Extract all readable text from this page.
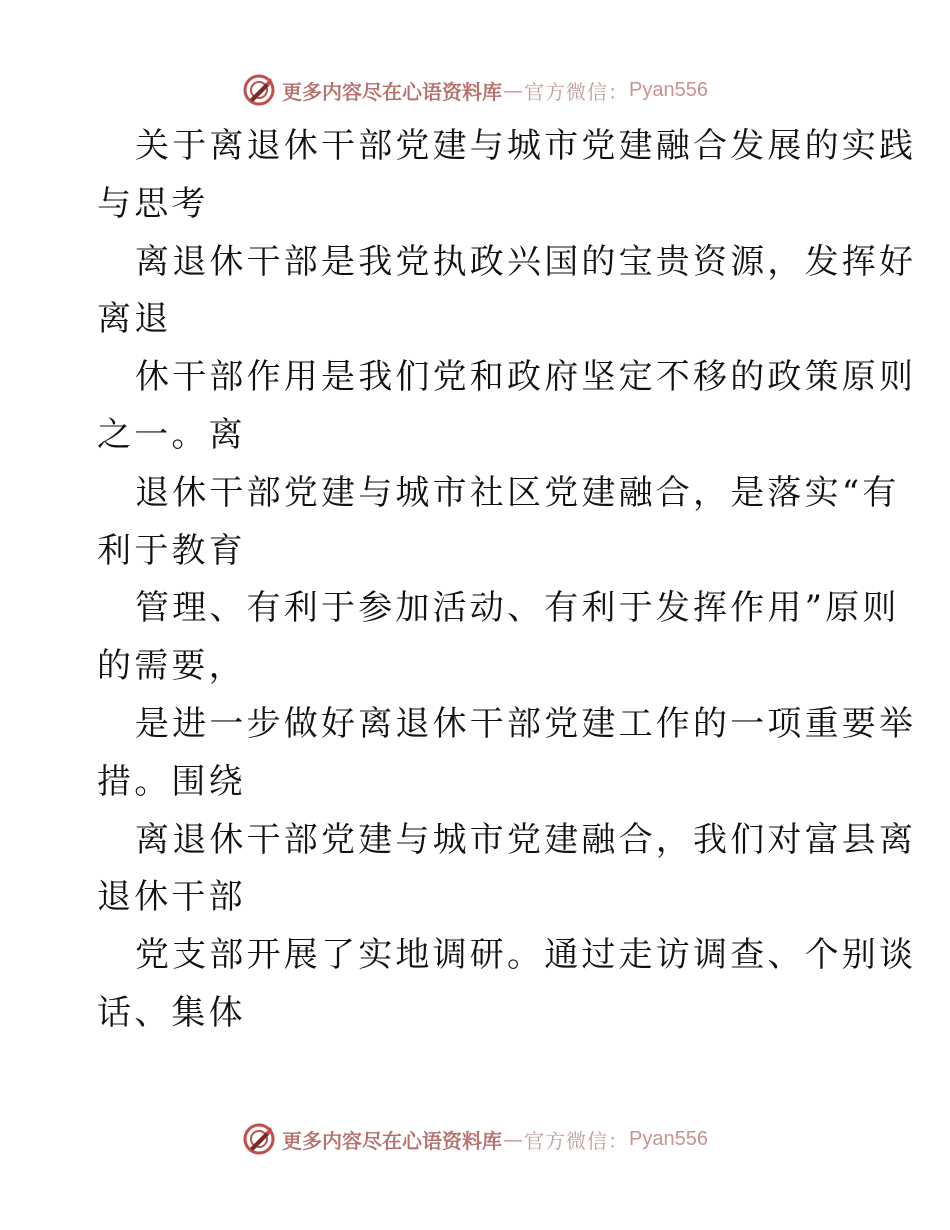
更多内容尽在心语资料库 — 官方微信： Pyan556
关于离退休干部党建与城市党建融合发展的实践
与思考
离退休干部是我党执政兴国的宝贵资源，发挥好
离退
休干部作用是我们党和政府坚定不移的政策原则
之一。离
退休干部党建与城市社区党建融合，是落实“有
利于教育
管理、有利于参加活动、有利于发挥作用”原则
的需要，
是进一步做好离退休干部党建工作的一项重要举
措。围绕
离退休干部党建与城市党建融合，我们对富县离
退休干部
党支部开展了实地调研。通过走访调查、个别谈
话、集体
更多内容尽在心语资料库 — 官方微信： Pyan556
